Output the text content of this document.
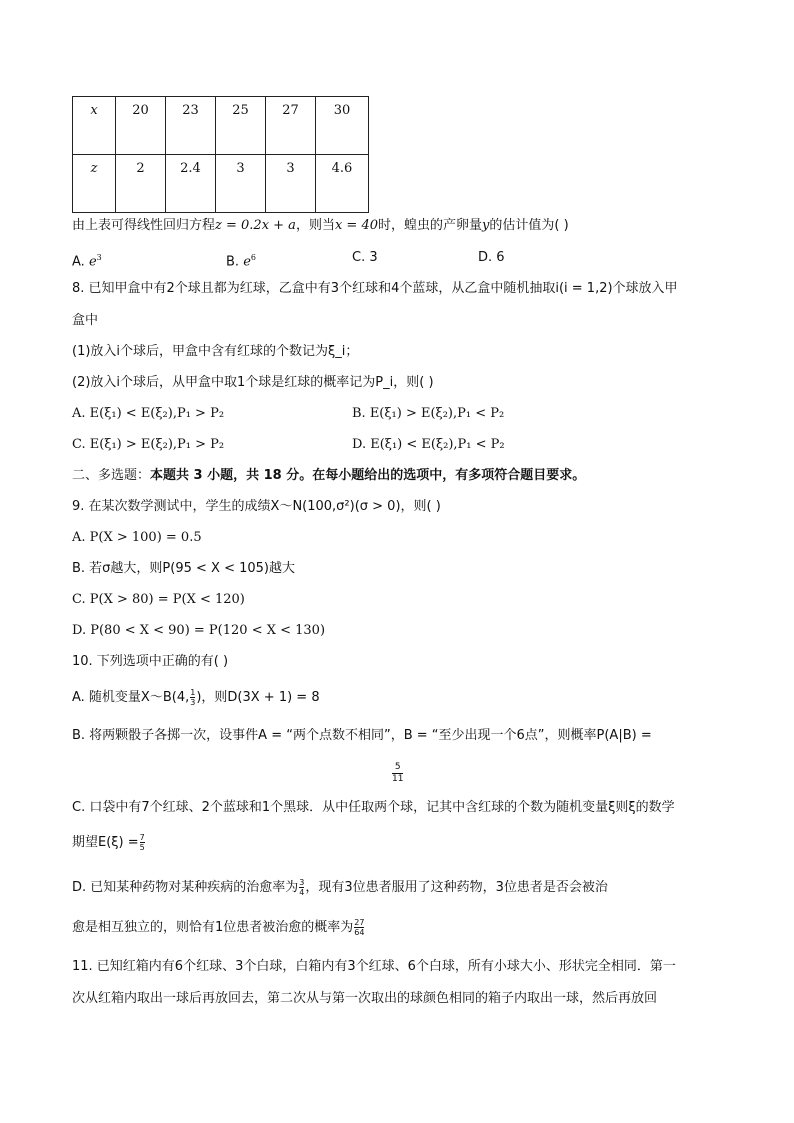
x	20	23	25	27	30
z	2	2.4	3	3	4.6
由上表可得线性回归方程z = 0.2x + a，则当x = 40时，蝗虫的产卵量y的估计值为( )
A. $e^3$	B. $e^6$	C. 3	D. 6
8. 已知甲盒中有2个球且都为红球，乙盒中有3个红球和4个蓝球，从乙盒中随机抽取i(i = 1,2)个球放入甲
盒中
(1)放入i个球后，甲盒中含有红球的个数记为ξ_i；
(2)放入i个球后，从甲盒中取1个球是红球的概率记为P_i，则( )
A. E(ξ₁) < E(ξ₂),P₁ > P₂	B. E(ξ₁) > E(ξ₂),P₁ < P₂
C. E(ξ₁) > E(ξ₂),P₁ > P₂	D. E(ξ₁) < E(ξ₂),P₁ < P₂
二、多选题：本题共 3 小题，共 18 分。在每小题给出的选项中，有多项符合题目要求。
9. 在某次数学测试中，学生的成绩X～N(100,σ²)(σ > 0)，则( )
A. P(X > 100) = 0.5
B. 若σ越大，则P(95 < X < 105)越大
C. P(X > 80) = P(X < 120)
D. P(80 < X < 90) = P(120 < X < 130)
10. 下列选项中正确的有( )
A. 随机变量X～B(4, $\frac{1}{3}$ )，则D(3X + 1) = 8
B. 将两颗骰子各掷一次，设事件A = “两个点数不相同”，B = “至少出现一个6点”，则概率P(A|B) =
$\frac{5}{11}$
C. 口袋中有7个红球、2个蓝球和1个黑球．从中任取两个球，记其中含红球的个数为随机变量ξ则ξ的数学
期望$E(\xi) = \frac{7}{5}$
D. 已知某种药物对某种疾病的治愈率为 $\frac{3}{4}$ ，现有3位患者服用了这种药物，3位患者是否会被治
愈是相互独立的，则恰有1位患者被治愈的概率为 $\frac{27}{64}$
11. 已知红箱内有6个红球、3个白球，白箱内有3个红球、6个白球，所有小球大小、形状完全相同．第一
次从红箱内取出一球后再放回去，第二次从与第一次取出的球颜色相同的箱子内取出一球，然后再放回
